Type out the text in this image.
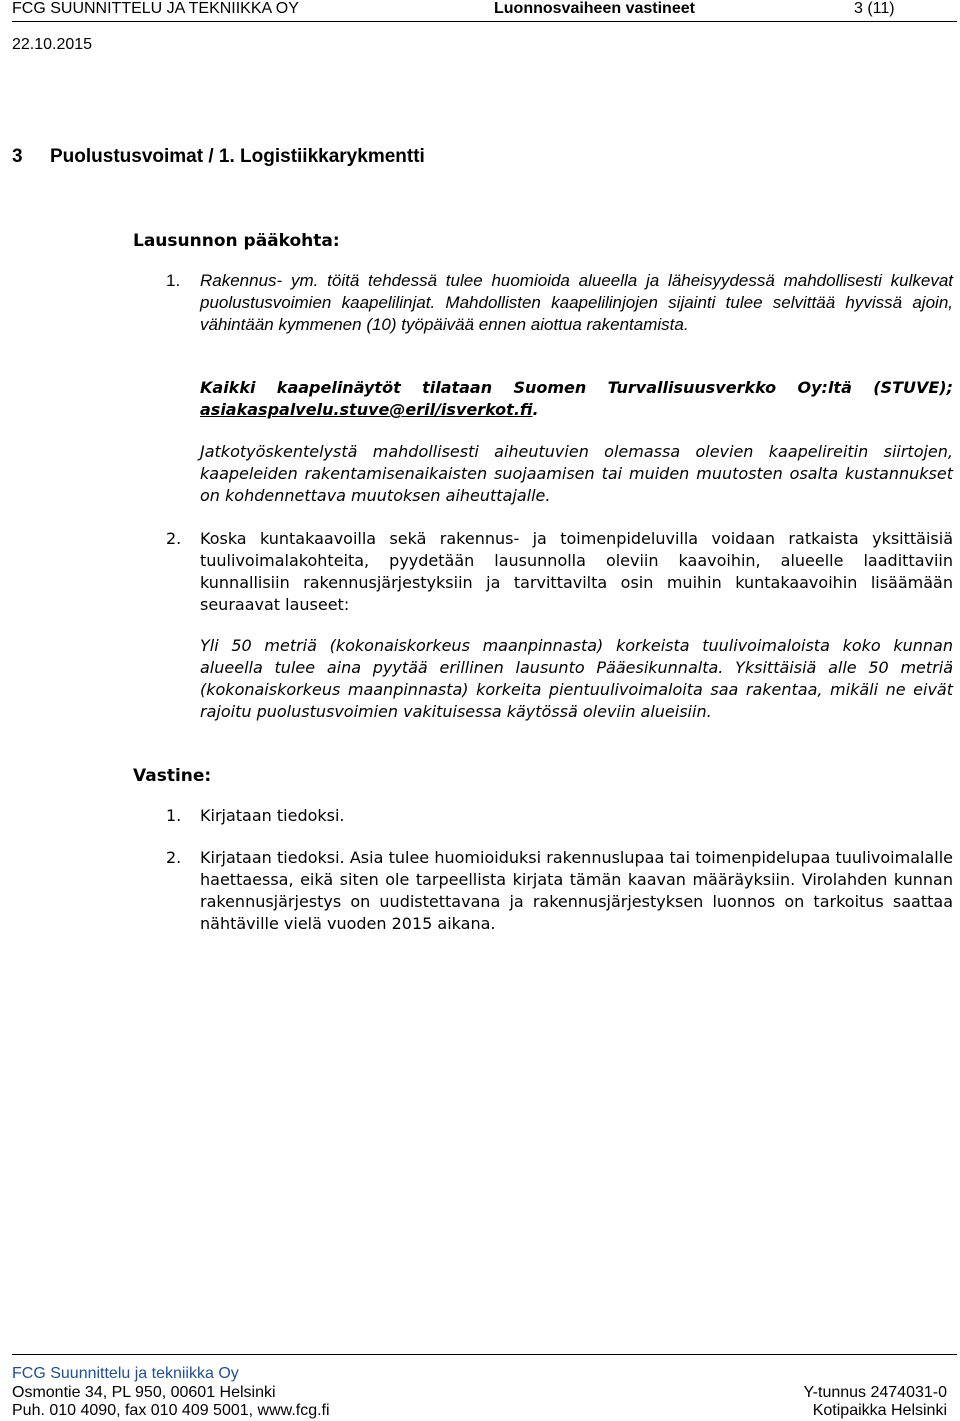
FCG SUUNNITTELU JA TEKNIIKKA OY	Luonnosvaiheen vastineet	3 (11)
22.10.2015
3 Puolustusvoimat / 1. Logistiikkarykmentti
Lausunnon pääkohta:
1. Rakennus- ym. töitä tehdessä tulee huomioida alueella ja läheisyydessä mahdollisesti kulkevat puolustusvoimien kaapelilinjat. Mahdollisten kaapelilinjojen sijainti tulee selvittää hyvissä ajoin, vähintään kymmenen (10) työpäivää ennen aiottua rakentamista.
Kaikki kaapelinäytöt tilataan Suomen Turvallisuusverkko Oy:ltä (STUVE); asiakaspalvelu.stuve@eril/isverkot.fi.
Jatkotyöskentelystä mahdollisesti aiheutuvien olemassa olevien kaapelireitin siirtojen, kaapeleiden rakentamisenaikaisten suojaamisen tai muiden muutosten osalta kustannukset on kohdennettava muutoksen aiheuttajalle.
2. Koska kuntakaavoilla sekä rakennus- ja toimenpideluvilla voidaan ratkaista yksittäisiä tuulivoimalakohteita, pyydetään lausunnolla oleviin kaavoihin, alueelle laadittaviin kunnallisiin rakennusjärjestyksiin ja tarvittavilta osin muihin kuntakaavoihin lisäämään seuraavat lauseet:
Yli 50 metriä (kokonaiskorkeus maanpinnasta) korkeista tuulivoimaloista koko kunnan alueella tulee aina pyytää erillinen lausunto Pääesikunnalta. Yksittäisiä alle 50 metriä (kokonaiskorkeus maanpinnasta) korkeita pientuulivoimaloita saa rakentaa, mikäli ne eivät rajoitu puolustusvoimien vakituisessa käytössä oleviin alueisiin.
Vastine:
1. Kirjataan tiedoksi.
2. Kirjataan tiedoksi. Asia tulee huomioiduksi rakennuslupaa tai toimenpidelupaa tuulivoimalalle haettaessa, eikä siten ole tarpeellista kirjata tämän kaavan määräyksiin. Virolahden kunnan rakennusjärjestys on uudistettavana ja rakennusjärjestyksen luonnos on tarkoitus saattaa nähtäville vielä vuoden 2015 aikana.
FCG Suunnittelu ja tekniikka Oy
Osmontie 34, PL 950, 00601 Helsinki
Puh. 010 4090, fax 010 409 5001, www.fcg.fi
Y-tunnus 2474031-0
Kotipaikka Helsinki
